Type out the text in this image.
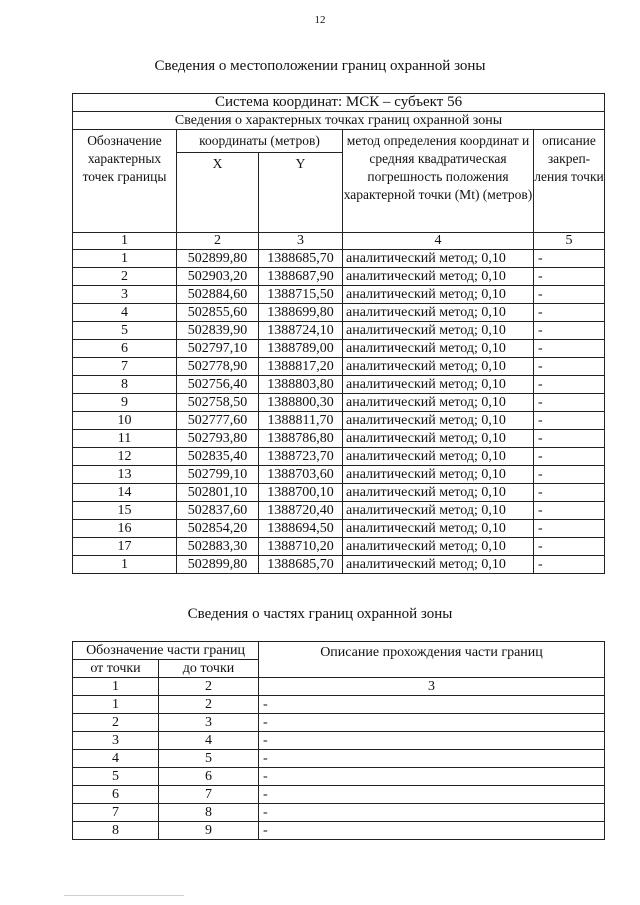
12
Сведения о местоположении границ охранной зоны
Система координат: МСК – субъект 56				
Сведения о характерных точках границ охранной зоны				
Обозначение характерных точек границы	координаты (метров)		метод определения координат и средняя квадратическая погрешность положения характерной точки (Mt) (метров)	описание закреп-ления точки
	X	Y		
1	2	3	4	5
1	502899,80	1388685,70	аналитический метод; 0,10	-
2	502903,20	1388687,90	аналитический метод; 0,10	-
3	502884,60	1388715,50	аналитический метод; 0,10	-
4	502855,60	1388699,80	аналитический метод; 0,10	-
5	502839,90	1388724,10	аналитический метод; 0,10	-
6	502797,10	1388789,00	аналитический метод; 0,10	-
7	502778,90	1388817,20	аналитический метод; 0,10	-
8	502756,40	1388803,80	аналитический метод; 0,10	-
9	502758,50	1388800,30	аналитический метод; 0,10	-
10	502777,60	1388811,70	аналитический метод; 0,10	-
11	502793,80	1388786,80	аналитический метод; 0,10	-
12	502835,40	1388723,70	аналитический метод; 0,10	-
13	502799,10	1388703,60	аналитический метод; 0,10	-
14	502801,10	1388700,10	аналитический метод; 0,10	-
15	502837,60	1388720,40	аналитический метод; 0,10	-
16	502854,20	1388694,50	аналитический метод; 0,10	-
17	502883,30	1388710,20	аналитический метод; 0,10	-
1	502899,80	1388685,70	аналитический метод; 0,10	-
Сведения о частях границ охранной зоны
Обозначение части границ		Описание прохождения части границ
от точки	до точки	
1	2	3
1	2	-
2	3	-
3	4	-
4	5	-
5	6	-
6	7	-
7	8	-
8	9	-
